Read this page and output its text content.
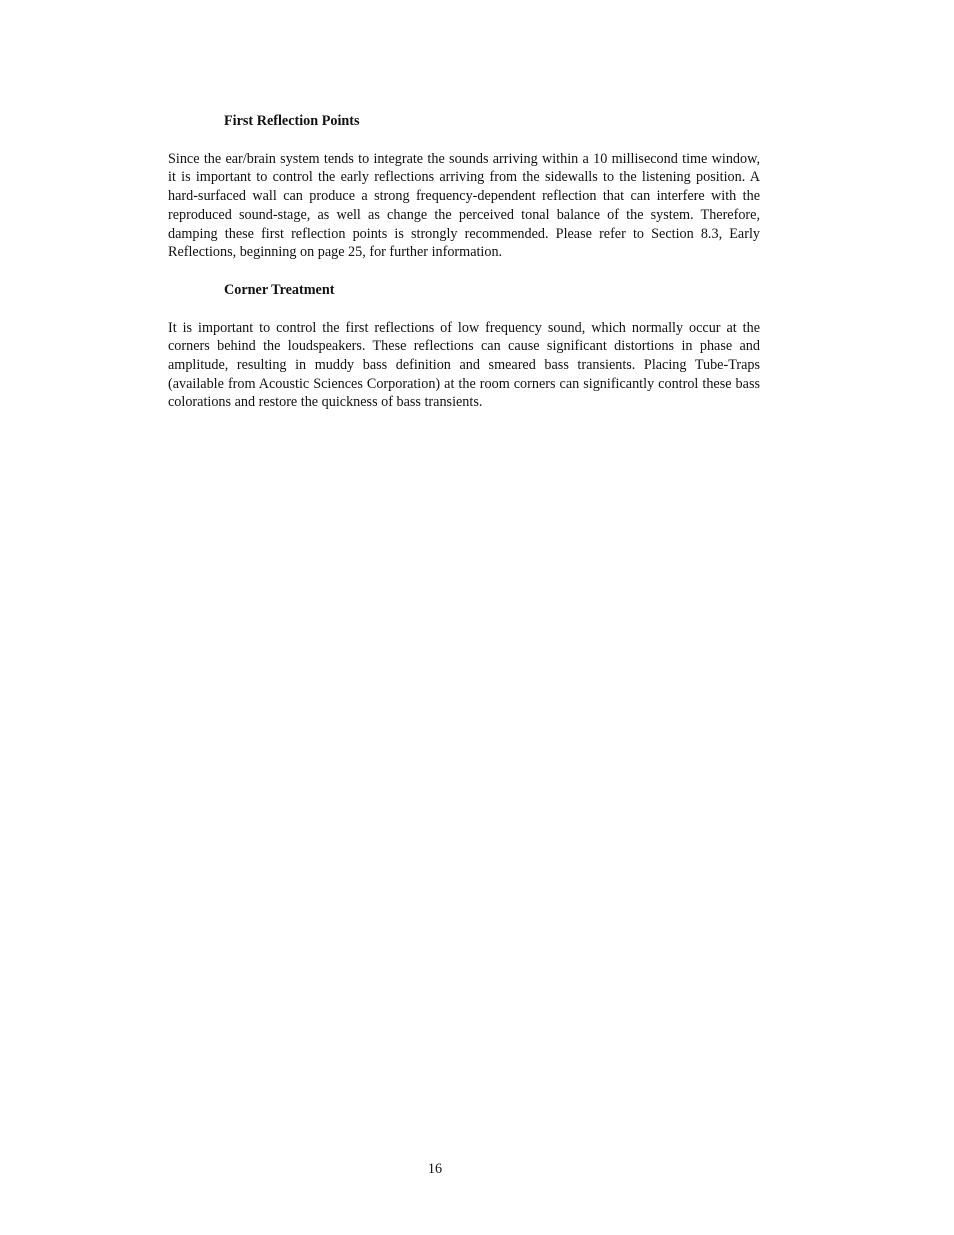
First Reflection Points

Since the ear/brain system tends to integrate the sounds arriving within a 10 millisecond time window, it is important to control the early reflections arriving from the sidewalls to the listening position. A hard-surfaced wall can produce a strong frequency-dependent reflection that can interfere with the reproduced sound-stage, as well as change the perceived tonal balance of the system. Therefore, damping these first reflection points is strongly recommended. Please refer to Section 8.3, Early Reflections, beginning on page 25, for further information.

Corner Treatment

It is important to control the first reflections of low frequency sound, which normally occur at the corners behind the loudspeakers. These reflections can cause significant distortions in phase and amplitude, resulting in muddy bass definition and smeared bass transients. Placing Tube-Traps (available from Acoustic Sciences Corporation) at the room corners can significantly control these bass colorations and restore the quickness of bass transients.

16
